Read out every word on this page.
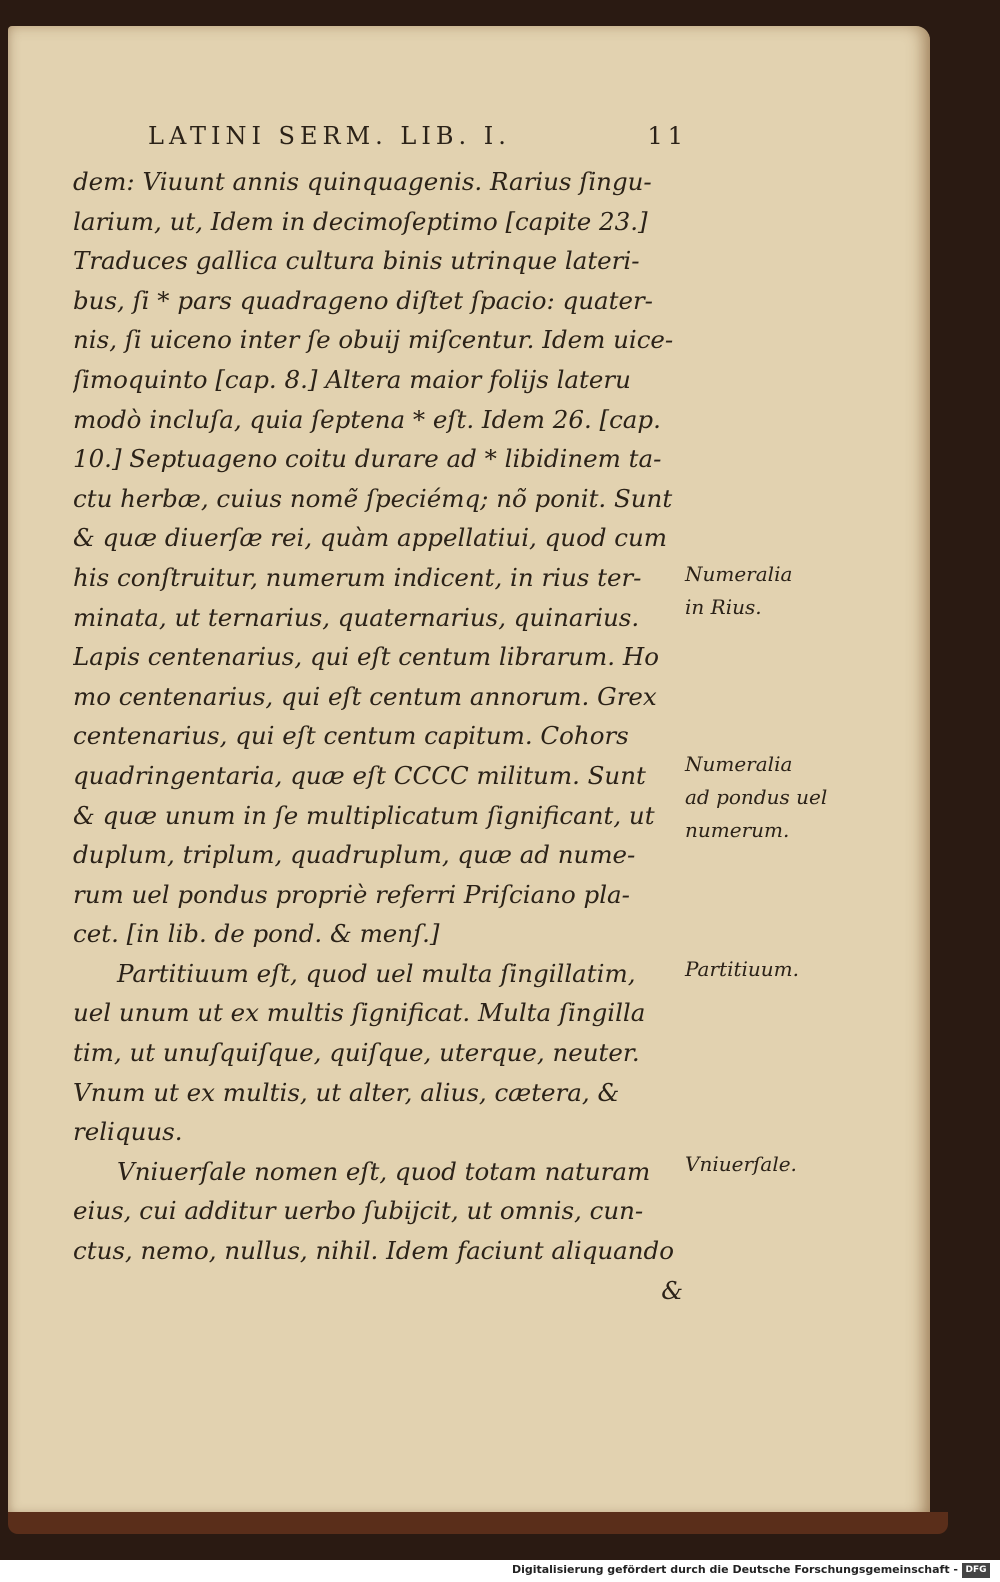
LATINI SERM. LIB. I.	11
dem: Viuunt annis quinquagenis. Rarius ſingu-
larium, ut, Idem in decimoſeptimo [capite 23.]
Traduces gallica cultura binis utrinque lateri-
bus, ſi * pars quadrageno diſtet ſpacio: quater-
nis, ſi uiceno inter ſe obuij miſcentur. Idem uice-
ſimoquinto [cap. 8.] Altera maior folijs lateru
modò incluſa, quia ſeptena * eſt. Idem 26. [cap.
10.] Septuageno coitu durare ad * libidinem ta-
ctu herbæ, cuius nomẽ ſpeciémq; nõ ponit. Sunt
& quæ diuerſæ rei, quàm appellatiui, quod cum
his conſtruitur, numerum indicent, in rius ter-
minata, ut ternarius, quaternarius, quinarius.
Lapis centenarius, qui eſt centum librarum. Ho
mo centenarius, qui eſt centum annorum. Grex
centenarius, qui eſt centum capitum. Cohors
quadringentaria, quæ eſt CCCC militum. Sunt
& quæ unum in ſe multiplicatum ſignificant, ut
duplum, triplum, quadruplum, quæ ad nume-
rum uel pondus propriè referri Priſciano pla-
cet. [in lib. de pond. & menſ.]
Partitiuum eſt, quod uel multa ſingillatim,
uel unum ut ex multis ſignificat. Multa ſingilla
tim, ut unuſquiſque, quiſque, uterque, neuter.
Vnum ut ex multis, ut alter, alius, cætera, &
reliquus.
Vniuerſale nomen eſt, quod totam naturam
eius, cui additur uerbo ſubijcit, ut omnis, cun-
ctus, nemo, nullus, nihil. Idem faciunt aliquando
&
Numeralia
in Rius.
Numeralia
ad pondus uel
numerum.
Partitiuum.
Vniuerſale.
Digitalisierung gefördert durch die Deutsche Forschungsgemeinschaft - DFG
